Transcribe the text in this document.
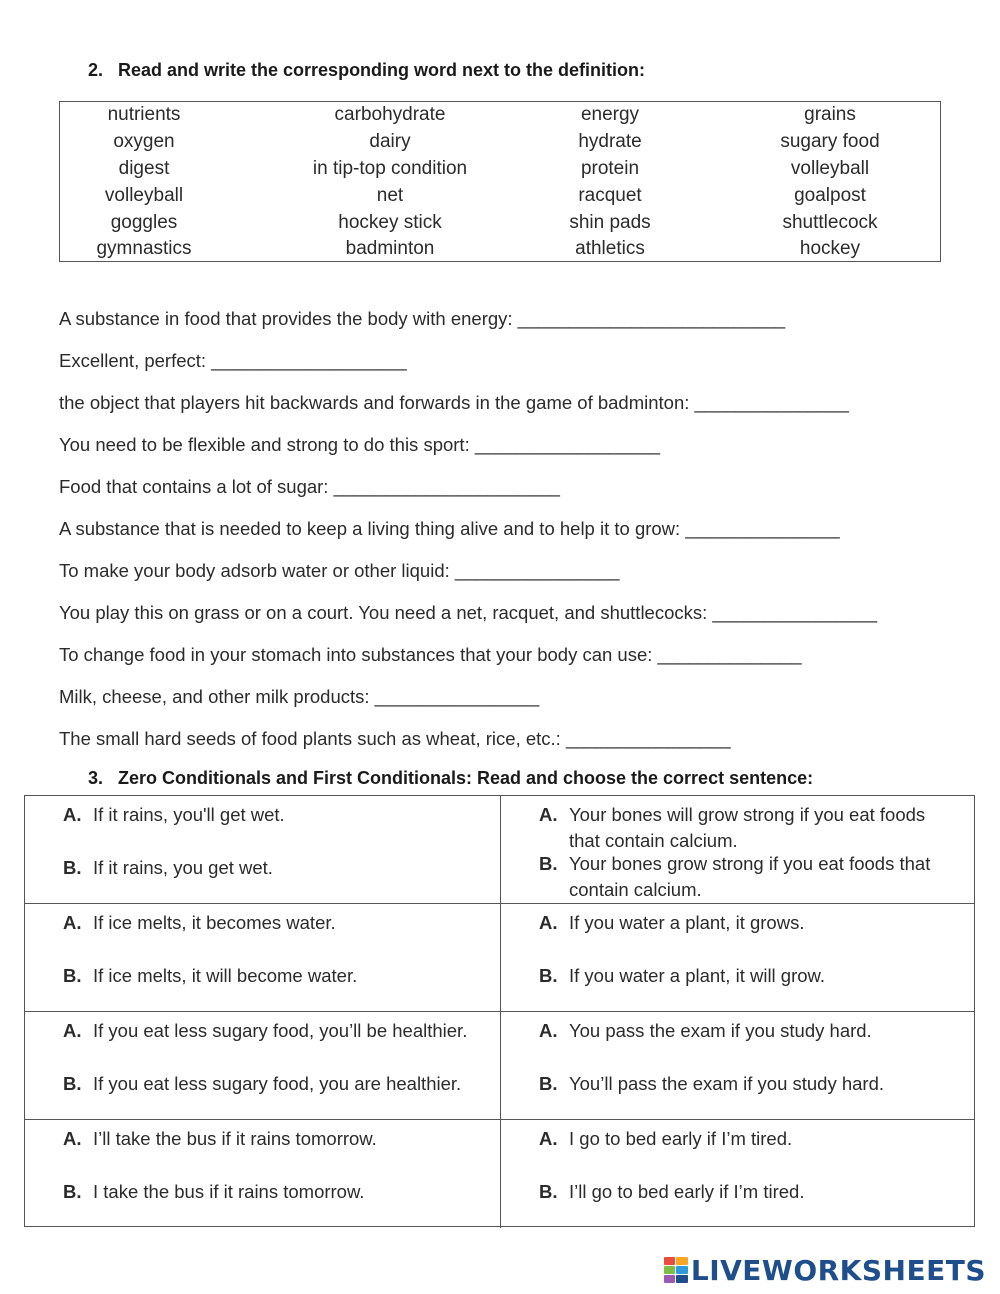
2. Read and write the corresponding word next to the definition:
nutrients	carbohydrate	energy	grains
oxygen	dairy	hydrate	sugary food
digest	in tip-top condition	protein	volleyball
volleyball	net	racquet	goalpost
goggles	hockey stick	shin pads	shuttlecock
gymnastics	badminton	athletics	hockey
A substance in food that provides the body with energy: __________________________
Excellent, perfect: ___________________
the object that players hit backwards and forwards in the game of badminton: _______________
You need to be flexible and strong to do this sport: __________________
Food that contains a lot of sugar: ______________________
A substance that is needed to keep a living thing alive and to help it to grow: _______________
To make your body adsorb water or other liquid: ________________
You play this on grass or on a court. You need a net, racquet, and shuttlecocks: ________________
To change food in your stomach into substances that your body can use: ______________
Milk, cheese, and other milk products: ________________
The small hard seeds of food plants such as wheat, rice, etc.: ________________
3. Zero Conditionals and First Conditionals: Read and choose the correct sentence:
A. If it rains, you'll get wet.
B. If it rains, you get wet.
A. Your bones will grow strong if you eat foods that contain calcium.
B. Your bones grow strong if you eat foods that contain calcium.
A. If ice melts, it becomes water.
B. If ice melts, it will become water.
A. If you water a plant, it grows.
B. If you water a plant, it will grow.
A. If you eat less sugary food, you’ll be healthier.
B. If you eat less sugary food, you are healthier.
A. You pass the exam if you study hard.
B. You’ll pass the exam if you study hard.
A. I’ll take the bus if it rains tomorrow.
B. I take the bus if it rains tomorrow.
A. I go to bed early if I’m tired.
B. I’ll go to bed early if I’m tired.
LIVEWORKSHEETS
